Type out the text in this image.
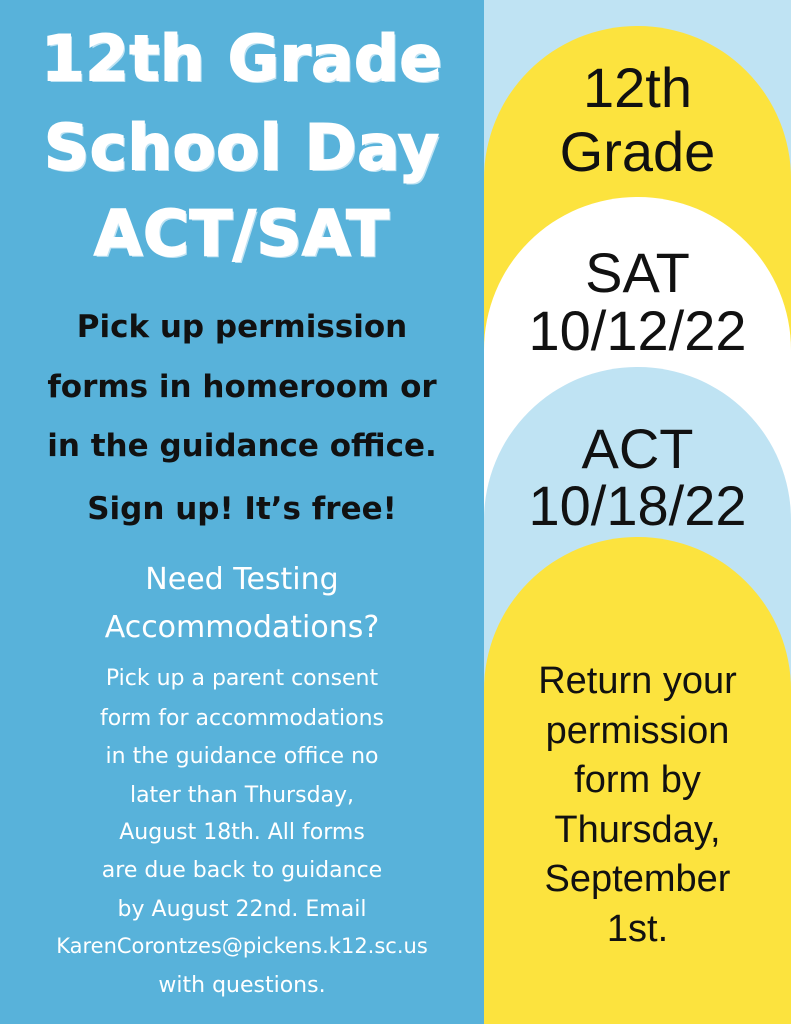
12th Grade
School Day
ACT/SAT
Pick up permission
forms in homeroom or
in the guidance office.
Sign up! It’s free!
Need Testing
Accommodations?
Pick up a parent consent
form for accommodations
in the guidance office no
later than Thursday,
August 18th. All forms
are due back to guidance
by August 22nd. Email
KarenCorontzes@pickens.k12.sc.us
with questions.
12th
Grade
SAT
10/12/22
ACT
10/18/22
Return your
permission
form by
Thursday,
September
1st.
